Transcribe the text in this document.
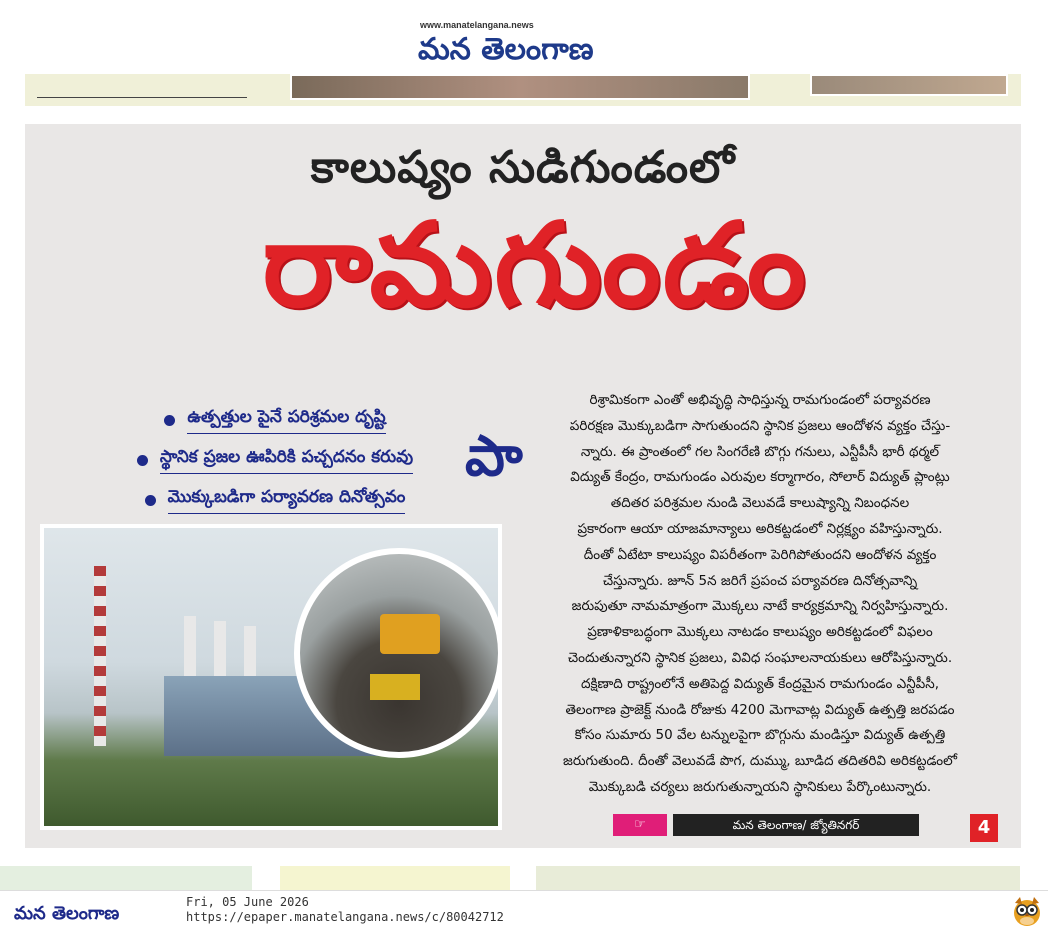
www.manatelangana.news
మన తెలంగాణ
కాలుష్యం సుడిగుండంలో
రామగుండం
ఉత్పత్తుల పైనే పరిశ్రమల దృష్టి
స్థానిక ప్రజల ఊపిరికి పచ్చదనం కరువు
మొక్కుబడిగా పర్యావరణ దినోత్సవం
పా

రిశ్రామికంగా ఎంతో అభివృద్ధి సాధిస్తున్న రామగుండంలో పర్యావరణ

పరిరక్షణ మొక్కుబడిగా సాగుతుందని స్థానిక ప్రజలు ఆందోళన వ్యక్తం చేస్తు-

న్నారు. ఈ ప్రాంతంలో గల సింగరేణి బొగ్గు గనులు, ఎన్టీపీసీ భారీ థర్మల్

విద్యుత్ కేంద్రం, రామగుండం ఎరువుల కర్మాగారం, సోలార్ విద్యుత్ ప్లాంట్లు

తదితర పరిశ్రమల నుండి వెలువడే కాలుష్యాన్ని నిబంధనల

ప్రకారంగా ఆయా యాజమాన్యాలు అరికట్టడంలో నిర్లక్ష్యం వహిస్తున్నారు.

దీంతో ఏటేటా కాలుష్యం విపరీతంగా పెరిగిపోతుందని ఆందోళన వ్యక్తం

చేస్తున్నారు. జూన్ 5న జరిగే ప్రపంచ పర్యావరణ దినోత్సవాన్ని

జరుపుతూ నామమాత్రంగా మొక్కలు నాటే కార్యక్రమాన్ని నిర్వహిస్తున్నారు.

ప్రణాళికాబద్ధంగా మొక్కలు నాటడం కాలుష్యం అరికట్టడంలో విఫలం

చెందుతున్నారని స్థానిక ప్రజలు, వివిధ సంఘాలనాయకులు ఆరోపిస్తున్నారు.

దక్షిణాది రాష్ట్రంలోనే అతిపెద్ద విద్యుత్ కేంద్రమైన రామగుండం ఎన్టీపీసీ,

తెలంగాణ ప్రాజెక్ట్ నుండి రోజుకు 4200 మెగావాట్ల విద్యుత్ ఉత్పత్తి జరపడం

కోసం సుమారు 50 వేల టన్నులపైగా బొగ్గును మండిస్తూ విద్యుత్ ఉత్పత్తి

జరుగుతుంది. దీంతో వెలువడే పొగ, దుమ్ము, బూడిద తదితరివి అరికట్టడంలో

మొక్కుబడి చర్యలు జరుగుతున్నాయని స్థానికులు పేర్కొంటున్నారు.

☞	మన తెలంగాణ/ జ్యోతినగర్	4
మన తెలంగాణ
Fri, 05 June 2026
https://epaper.manatelangana.news/c/80042712
